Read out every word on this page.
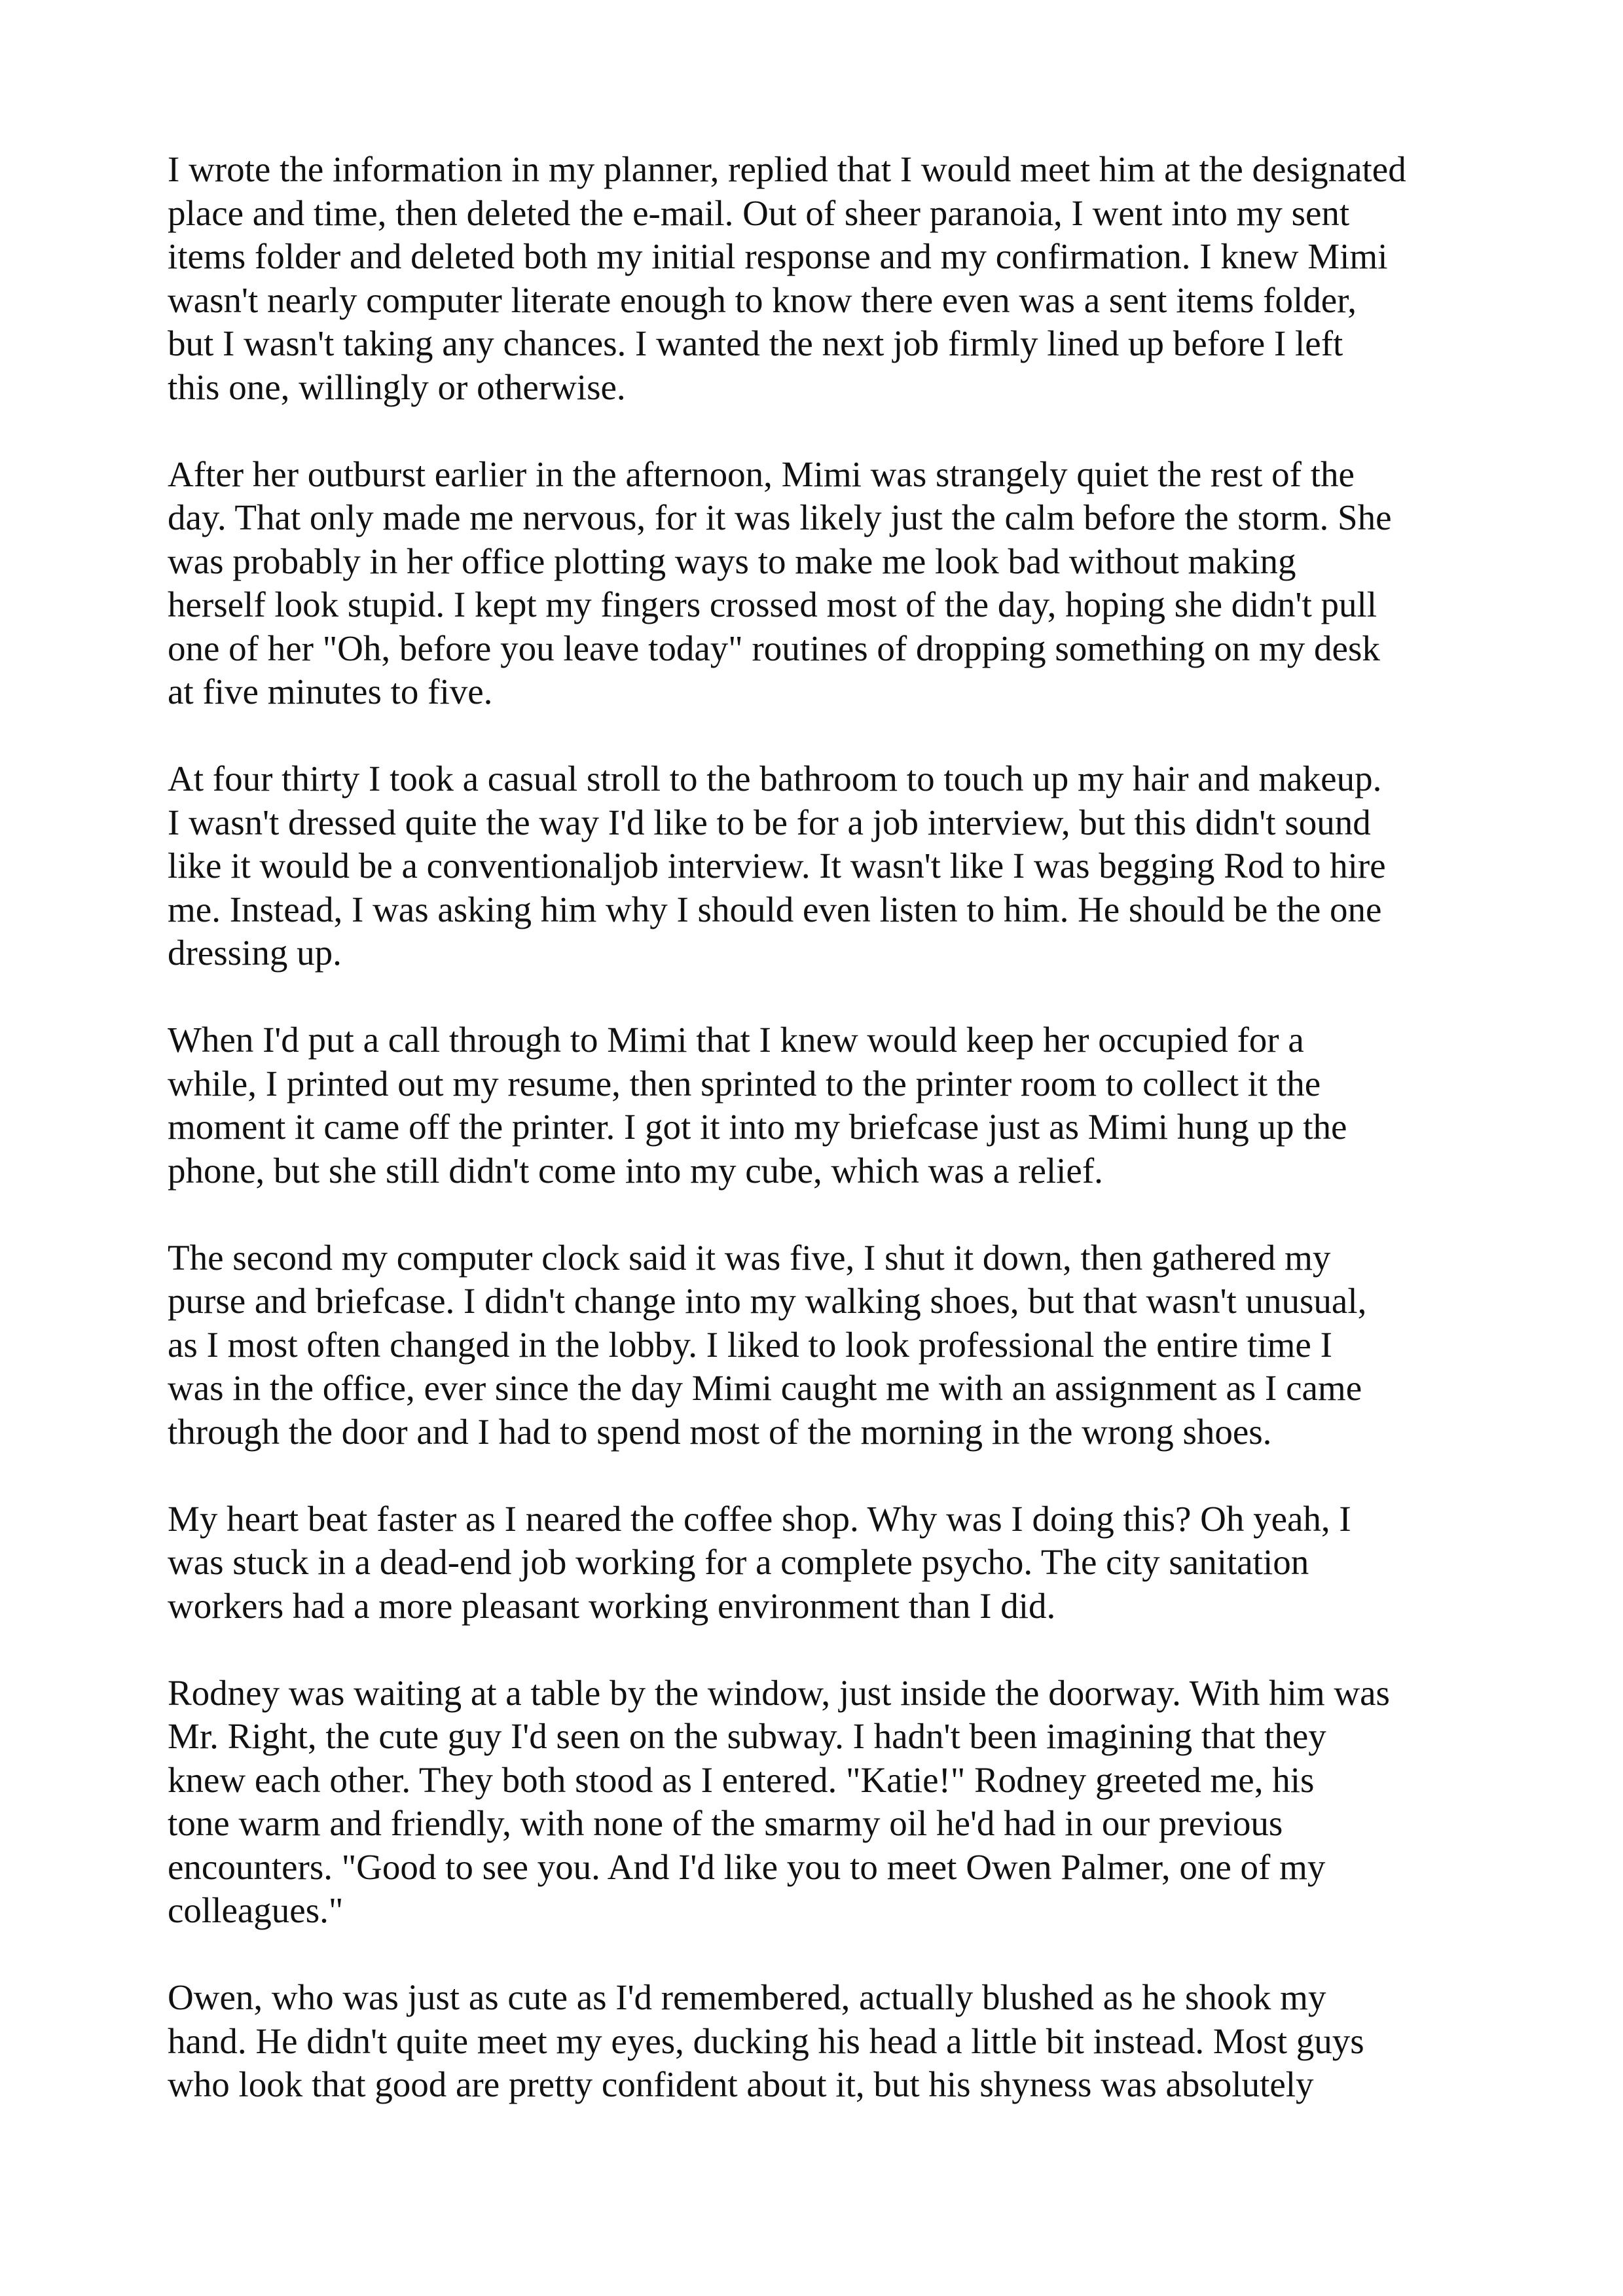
I wrote the information in my planner, replied that I would meet him at the designated
place and time, then deleted the e-mail. Out of sheer paranoia, I went into my sent
items folder and deleted both my initial response and my confirmation. I knew Mimi
wasn't nearly computer literate enough to know there even was a sent items folder,
but I wasn't taking any chances. I wanted the next job firmly lined up before I left
this one, willingly or otherwise.

After her outburst earlier in the afternoon, Mimi was strangely quiet the rest of the
day. That only made me nervous, for it was likely just the calm before the storm. She
was probably in her office plotting ways to make me look bad without making
herself look stupid. I kept my fingers crossed most of the day, hoping she didn't pull
one of her "Oh, before you leave today" routines of dropping something on my desk
at five minutes to five.

At four thirty I took a casual stroll to the bathroom to touch up my hair and makeup.
I wasn't dressed quite the way I'd like to be for a job interview, but this didn't sound
like it would be a conventionaljob interview. It wasn't like I was begging Rod to hire
me. Instead, I was asking him why I should even listen to him. He should be the one
dressing up.

When I'd put a call through to Mimi that I knew would keep her occupied for a
while, I printed out my resume, then sprinted to the printer room to collect it the
moment it came off the printer. I got it into my briefcase just as Mimi hung up the
phone, but she still didn't come into my cube, which was a relief.

The second my computer clock said it was five, I shut it down, then gathered my
purse and briefcase. I didn't change into my walking shoes, but that wasn't unusual,
as I most often changed in the lobby. I liked to look professional the entire time I
was in the office, ever since the day Mimi caught me with an assignment as I came
through the door and I had to spend most of the morning in the wrong shoes.

My heart beat faster as I neared the coffee shop. Why was I doing this? Oh yeah, I
was stuck in a dead-end job working for a complete psycho. The city sanitation
workers had a more pleasant working environment than I did.

Rodney was waiting at a table by the window, just inside the doorway. With him was
Mr. Right, the cute guy I'd seen on the subway. I hadn't been imagining that they
knew each other. They both stood as I entered. "Katie!" Rodney greeted me, his
tone warm and friendly, with none of the smarmy oil he'd had in our previous
encounters. "Good to see you. And I'd like you to meet Owen Palmer, one of my
colleagues."

Owen, who was just as cute as I'd remembered, actually blushed as he shook my
hand. He didn't quite meet my eyes, ducking his head a little bit instead. Most guys
who look that good are pretty confident about it, but his shyness was absolutely
